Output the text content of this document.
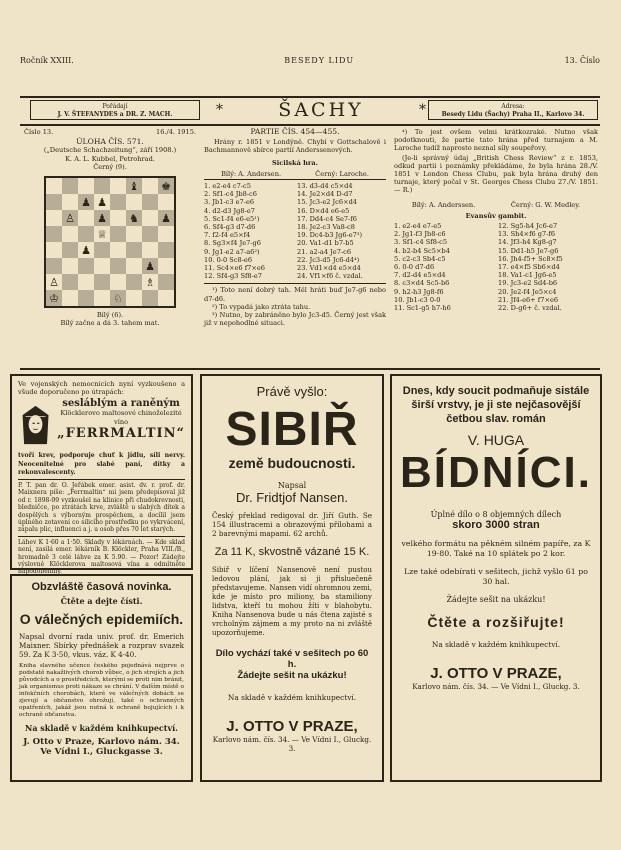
Ročník XXIII.	BESEDY LIDU	13. Číslo
Pořádají
J. V. ŠTEFANYDES a DR. Z. MACH.	*	ŠACHY	*	Adresa:
Besedy Lidu (Šachy) Praha II., Karlovo 34.
Číslo 13.	16./4. 1915.
ÚLOHA ČÍS. 571.
(„Deutsche Schachzeitung“, září 1908.)
K. A. L. Kubbel, Petrohrad.
Černý (9).
♝ ♚
♟ ♟
♙ ♟ ♞ ♟
♕
♟
♟
♙	♗
♔	♘
Bílý (6).
Bílý začne a dá 3. tahem mat.
PARTIE ČÍS. 454—455.
Hrány r. 1851 v Londýně. Chybí v Gottschalově i Bachmannově sbírce partií Anderssenových.
Sicilská hra.
Bílý: A. Andersen.	Černý: Laroche.
1. e2-e4 c7-c5
2. Sf1-c4 Jb8-c6
3. Jb1-c3 e7-e6
4. d2-d3 Jg8-e7
5. Sc1-f4 e6-e5¹)
6. Sf4-g3 d7-d6
7. f2-f4 e5×f4
8. Sg3×f4 Je7-g6
9. Jg1-e2 a7-a6²)
10. 0-0 Sc8-e6
11. Sc4×e6 f7×e6
12. Sf4-g3 Sf8-e7
13. d3-d4 c5×d4
14. Je2×d4 D-d7
15. Jc3-e2 Jc6×d4
16. D×d4 e6-e5
17. Dd4-c4 Se7-f6
18. Je2-c3 Va8-c8
19. Dc4-b3 Jg6-e7³)
20. Va1-d1 b7-b5
21. a2-a4 Je7-c6
22. Jc3-d5 Jc6-d4⁴)
23. Vd1×d4 e5×d4
24. Vf1×f6 č. vzdal.
¹) Toto není dobrý tah. Měl hráti buď Je7-g6 nebo d7-d6.
²) To vypadá jako ztráta tahu.
³) Nutno, by zabráněno bylo Jc3-d5. Černý jest však již v nepohodlné situaci.
⁴) To jest ovšem velmi krátkozraké. Nutno však podotknouti, že partie tato hrána před turnajem a M. Laroche tudíž naprosto neznal síly soupeřovy.
(Je-li správný údaj „British Chess Review“ z r. 1853, odkud partii i poznámky překládáme, že byla hrána 28./V. 1851 v London Chess Clubu, pak byla hrána druhý den turnaje, který počal v St. Georges Chess Clubu 27./V. 1851. — R.)
Bílý: A. Anderssen.	Černý: G. W. Medley.
Evansův gambit.
1. e2-e4 e7-e5
2. Jg1-f3 Jb8-c6
3. Sf1-c4 Sf8-c5
4. b2-b4 Sc5×b4
5. c2-c3 Sb4-c5
6. 0-0 d7-d6
7. d2-d4 e5×d4
8. c3×d4 Sc5-b6
9. h2-h3 Jg8-f6
10. Jb1-c3 0-0
11. Sc1-g5 h7-h6
12. Sg5-h4 Jc6-e7
13. Sh4×f6 g7-f6
14. Jf3-h4 Kg8-g7
15. Dd1-h5 Je7-g6
16. Jh4-f5+ Sc8×f5
17. e4×f5 Sb6×d4
18. Va1-c1 Jg6-e5
19. Jc3-e2 Sd4-b6
20. Je2-f4 Je5×c4
21. Jf4-e6+ f7×e6
22. D-g6+ č. vzdal.
Ve vojenských nemocnicích nyní vyzkoušeno a všude doporučeno po útrapách:
sesláblým a raněným
Klöcklerovo maltosové chinoželezité víno
„FERRMALTIN“
tvoří krev, podporuje chuť k jídlu, síli nervy. Neocenitelné pro slabé paní, dítky a rekonvalescenty.
P. T. pan dr. O. Jeřábek emer. asist. dv. r. prof. dr. Maixnera píše: „Ferrmaltin“ mi jsem předepisoval již od r. 1898-99 vyzkoušel na klinice při chudokrevnosti, bledničce, po ztrátách krve, zvláště u slabých dítek a dospělých s výborným prospěchem, a docílil jsem úplného zotavení co silicího prostředku po vykrvácení, zápalu plic, influenci a j. u osob přes 70 let starých.
Láhev K 1·60 a 1·50. Sklady v lékárnách. — Kde sklad není, zasílá emer. lékárník B. Klöckler, Praha VIII./B., hromadně 3 celé láhve za K 5.90. — Pozor! Zádejte výslovně Klöcklerova maltosová vína a odmítněte napodobeniny.
Obzvláště časová novinka.
Čtěte a dejte čísti.
O válečných epidemiích.
Napsal dvorní rada univ. prof. dr. Emerich Maixner. Sbírky přednášek a rozprav svazek 59. Za K 3·50, vkus. váz. K 4·40.
Kniha slavného učence českého pojednává nejprve o podstatě nakažlivých chorob vůbec, o jich strojích a jich původcích a o prostředcích, kterými se proti nim bránit, jak organismus proti nákaze se chrání. V dalším místě o infekčních chorobách, které ve válečných dobách se zjevují a občanstvo ohrožují, také o ochranných opatřeních, jakáž jsou nutná k ochraně bojujících i k ochraně občanstva.
Na skladě v každém knihkupectví.
J. Otto v Praze, Karlovo nám. 34.
Ve Vídni I., Gluckgasse 3.
Právě vyšlo:
SIBIŘ
země budoucnosti.
Napsal
Dr. Fridtjof Nansen.
Český překlad redigoval dr. Jiří Guth. Se 154 illustracemi a obrazovými přílohami a 2 barevnými mapami. 62 archů.
Za 11 K, skvostně vázané 15 K.
Sibiř v líčení Nansenově není pustou ledovou plání, jak si ji přisluečeně představujeme. Nansen vidí ohromnou zemi, kde je místo pro miliony, ba stamiliony lidstva, kteří tu mohou žíti v blahobytu. Kniha Nansenova bude u nás čtena zajisté s vrcholným zájmem a my proto na ni zvláště upozorňujeme.
Dílo vychází také v sešitech po 60 h.
Žádejte sešit na ukázku!
Na skladě v každém knihkupectví.
J. OTTO V PRAZE,
Karlovo nám. čís. 34. — Ve Vídni I., Gluckg. 3.
Dnes, kdy soucit podmaňuje sistále širší vrstvy, je ji ste nejčasovější četbou slav. román
V. HUGA
BÍDNÍCI.
Úplné dílo o 8 objemných dílech
skoro 3000 stran
velkého formátu na pěkném silném papíře, za K 19·80. Také na 10 splátek po 2 kor.
Lze také odebírati v sešitech, jichž vyšlo 61 po 30 hal.
Žádejte sešit na ukázku!
Čtěte a rozšiřujte!
Na skladě v každém knihkupectví.
J. OTTO V PRAZE,
Karlovo nám. čís. 34. — Ve Vídni I., Gluckg. 3.
